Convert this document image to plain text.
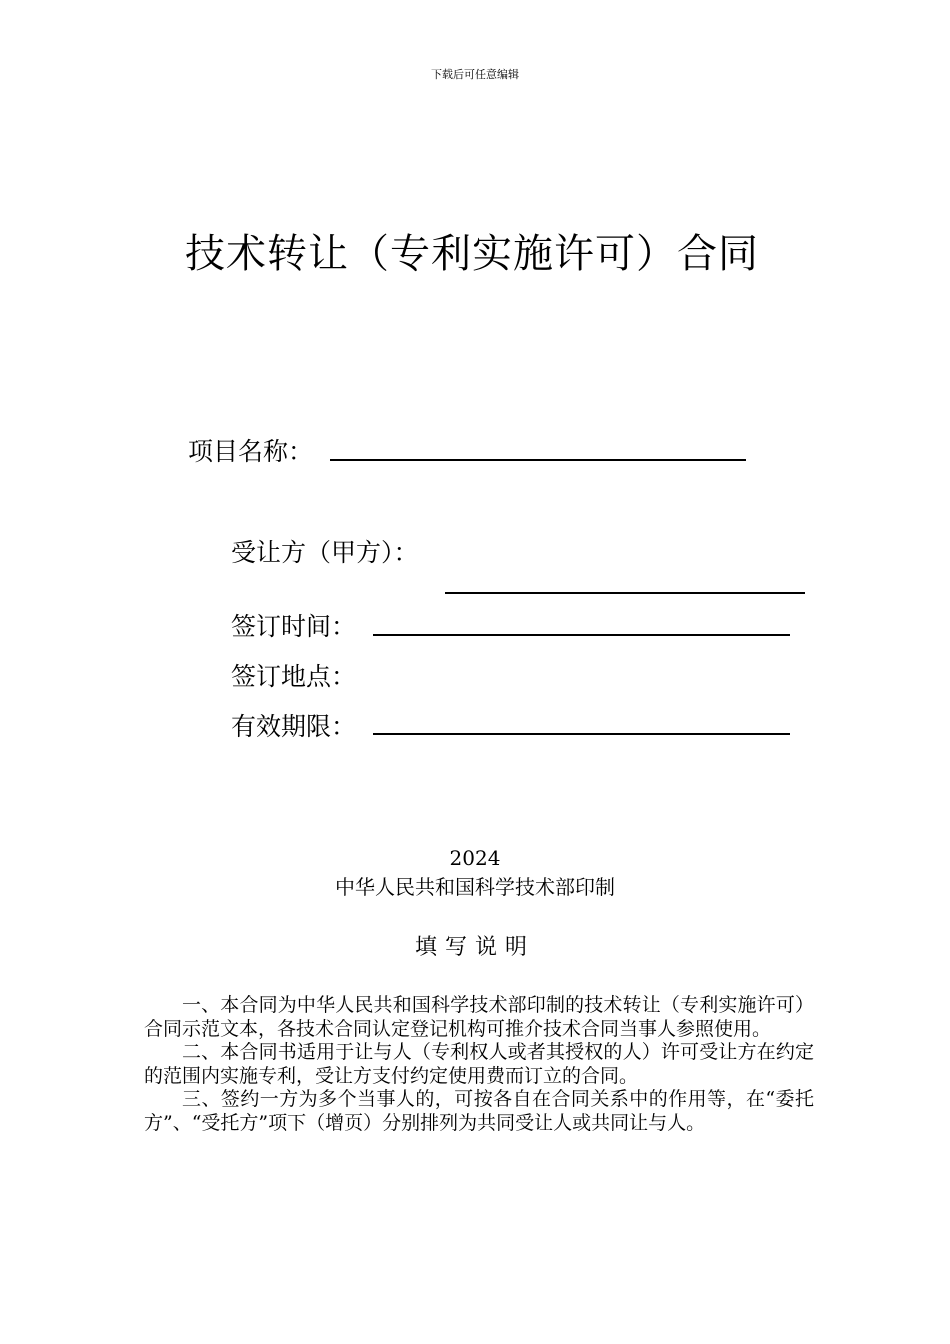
下载后可任意编辑
技术转让（专利实施许可）合同
项目名称：
受让方（甲方）：
签订时间：
签订地点：
有效期限：
2024
中华人民共和国科学技术部印制
填写说明

一、本合同为中华人民共和国科学技术部印制的技术转让（专利实施许可）合同示范文本，各技术合同认定登记机构可推介技术合同当事人参照使用。

二、本合同书适用于让与人（专利权人或者其授权的人）许可受让方在约定的范围内实施专利，受让方支付约定使用费而订立的合同。

三、签约一方为多个当事人的，可按各自在合同关系中的作用等，在“委托方”、“受托方”项下（增页）分别排列为共同受让人或共同让与人。
